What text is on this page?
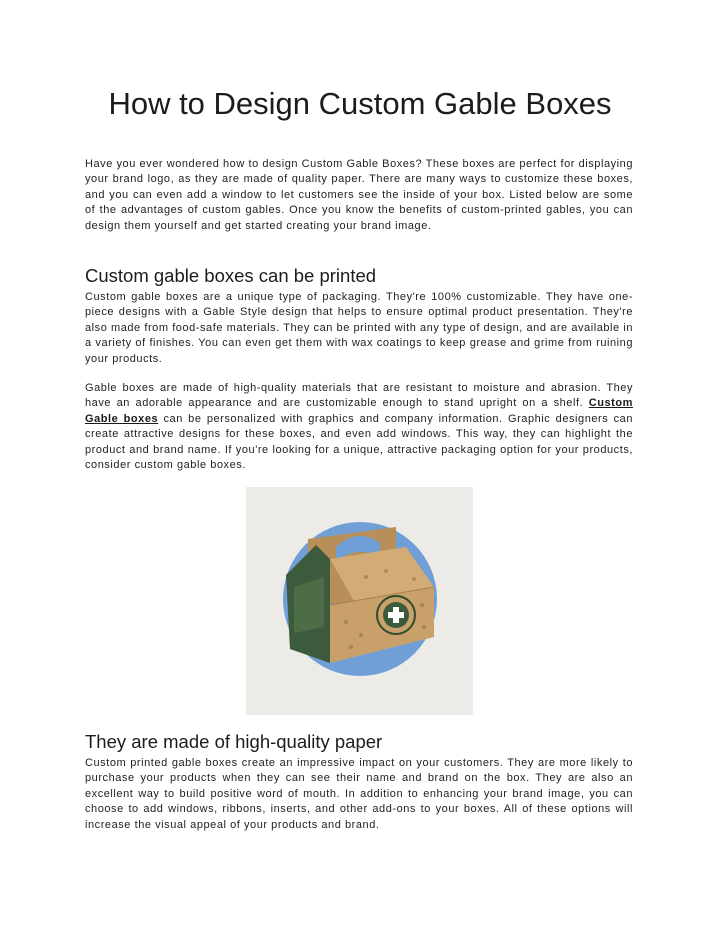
How to Design Custom Gable Boxes

Have you ever wondered how to design Custom Gable Boxes? These boxes are perfect for displaying your brand logo, as they are made of quality paper. There are many ways to customize these boxes, and you can even add a window to let customers see the inside of your box. Listed below are some of the advantages of custom gables. Once you know the benefits of custom-printed gables, you can design them yourself and get started creating your brand image.

Custom gable boxes can be printed

Custom gable boxes are a unique type of packaging. They're 100% customizable. They have one-piece designs with a Gable Style design that helps to ensure optimal product presentation. They're also made from food-safe materials. They can be printed with any type of design, and are available in a variety of finishes. You can even get them with wax coatings to keep grease and grime from ruining your products.

Gable boxes are made of high-quality materials that are resistant to moisture and abrasion. They have an adorable appearance and are customizable enough to stand upright on a shelf. Custom Gable boxes can be personalized with graphics and company information. Graphic designers can create attractive designs for these boxes, and even add windows. This way, they can highlight the product and brand name. If you're looking for a unique, attractive packaging option for your products, consider custom gable boxes.

They are made of high-quality paper

Custom printed gable boxes create an impressive impact on your customers. They are more likely to purchase your products when they can see their name and brand on the box. They are also an excellent way to build positive word of mouth. In addition to enhancing your brand image, you can choose to add windows, ribbons, inserts, and other add-ons to your boxes. All of these options will increase the visual appeal of your products and brand.
